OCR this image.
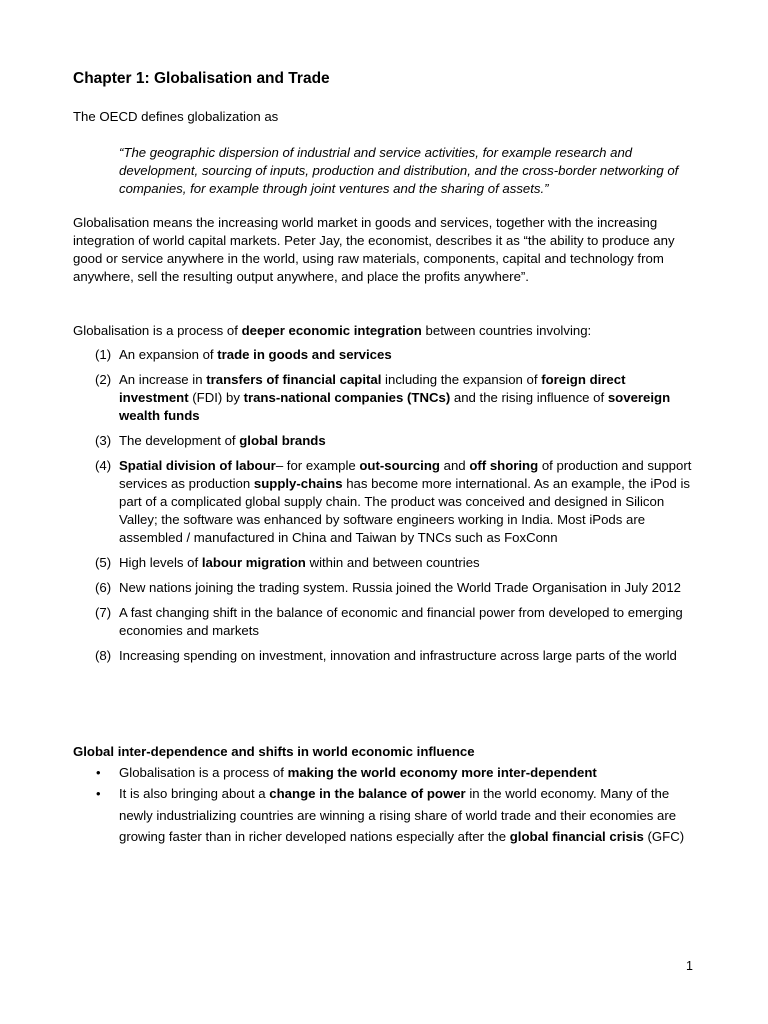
Chapter 1: Globalisation and Trade

The OECD defines globalization as

“The geographic dispersion of industrial and service activities, for example research and development, sourcing of inputs, production and distribution, and the cross-border networking of companies, for example through joint ventures and the sharing of assets.”

Globalisation means the increasing world market in goods and services, together with the increasing integration of world capital markets. Peter Jay, the economist, describes it as “the ability to produce any good or service anywhere in the world, using raw materials, components, capital and technology from anywhere, sell the resulting output anywhere, and place the profits anywhere”.

Globalisation is a process of deeper economic integration between countries involving:

(1) An expansion of trade in goods and services
(2) An increase in transfers of financial capital including the expansion of foreign direct investment (FDI) by trans-national companies (TNCs) and the rising influence of sovereign wealth funds
(3) The development of global brands
(4) Spatial division of labour– for example out-sourcing and off shoring of production and support services as production supply-chains has become more international. As an example, the iPod is part of a complicated global supply chain. The product was conceived and designed in Silicon Valley; the software was enhanced by software engineers working in India. Most iPods are assembled / manufactured in China and Taiwan by TNCs such as FoxConn
(5) High levels of labour migration within and between countries
(6) New nations joining the trading system. Russia joined the World Trade Organisation in July 2012
(7) A fast changing shift in the balance of economic and financial power from developed to emerging economies and markets
(8) Increasing spending on investment, innovation and infrastructure across large parts of the world
Global inter-dependence and shifts in world economic influence
• Globalisation is a process of making the world economy more inter-dependent
• It is also bringing about a change in the balance of power in the world economy. Many of the newly industrializing countries are winning a rising share of world trade and their economies are growing faster than in richer developed nations especially after the global financial crisis (GFC)
1
